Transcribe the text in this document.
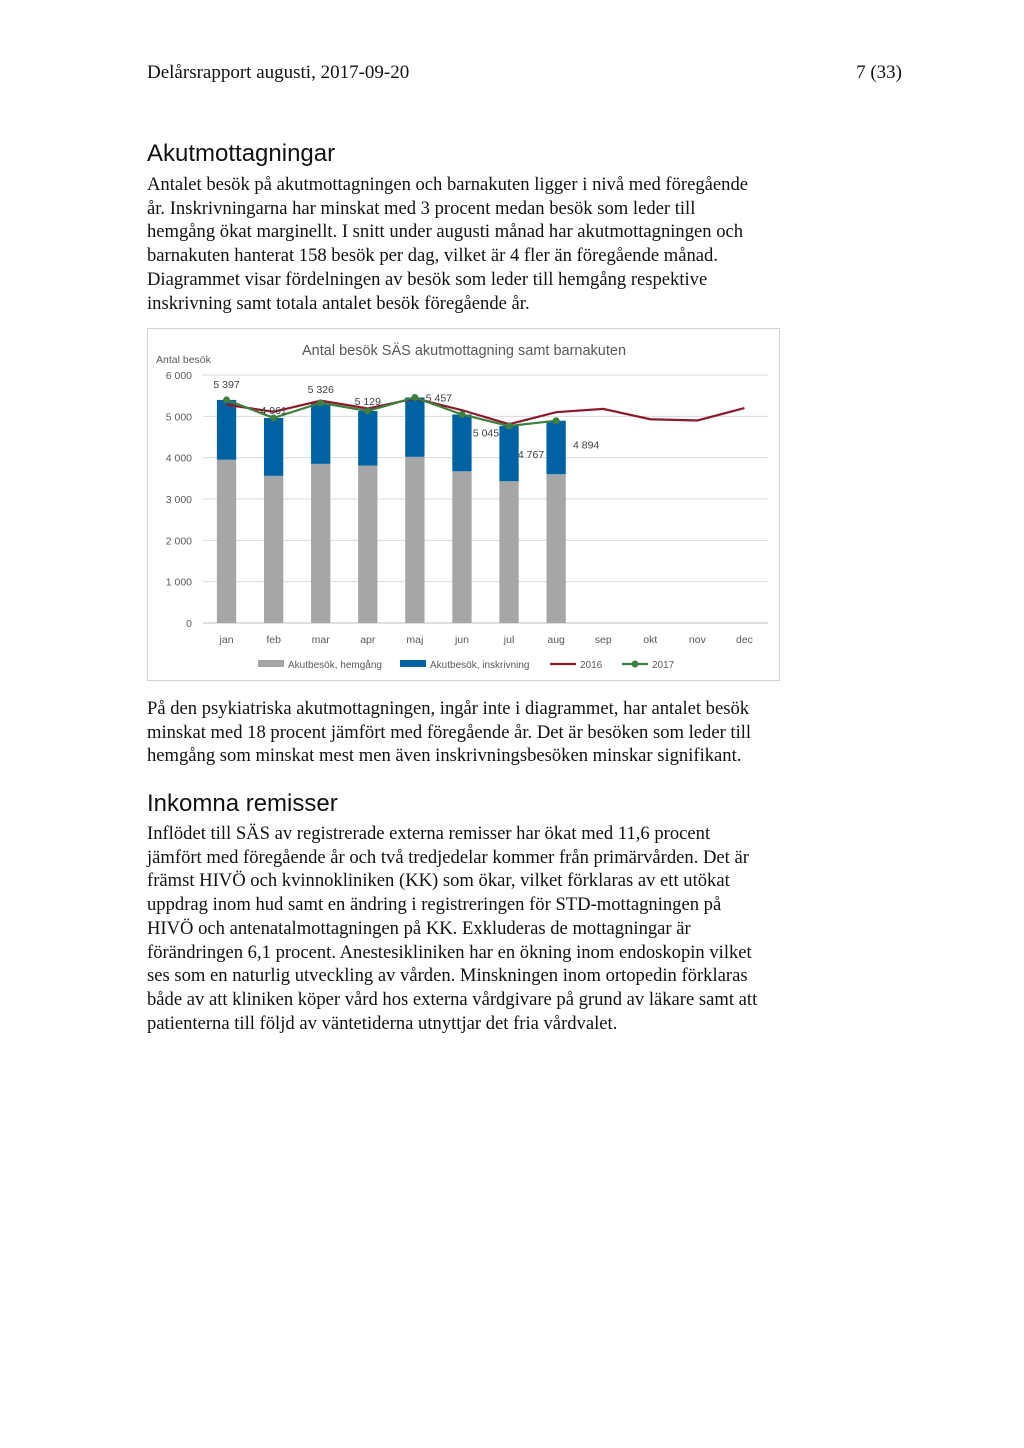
Delårsrapport augusti, 2017-09-20	7 (33)
Akutmottagningar
Antalet besök på akutmottagningen och barnakuten ligger i nivå med föregående
år. Inskrivningarna har minskat med 3 procent medan besök som leder till
hemgång ökat marginellt. I snitt under augusti månad har akutmottagningen och
barnakuten hanterat 158 besök per dag, vilket är 4 fler än föregående månad.
Diagrammet visar fördelningen av besök som leder till hemgång respektive
inskrivning samt totala antalet besök föregående år.
Antal besök SÄS akutmottagning samt barnakuten
Antal besök
0
1 000
2 000
3 000
4 000
5 000
6 000
jan	feb	mar	apr	maj	jun	jul	aug	sep	okt	nov	dec
5 397
4 961
5 326
5 129	5 457
5 045
4 767
4 894
Akutbesök, hemgång	Akutbesök, inskrivning	2016	2017
På den psykiatriska akutmottagningen, ingår inte i diagrammet, har antalet besök
minskat med 18 procent jämfört med föregående år. Det är besöken som leder till
hemgång som minskat mest men även inskrivningsbesöken minskar signifikant.
Inkomna remisser
Inflödet till SÄS av registrerade externa remisser har ökat med 11,6 procent
jämfört med föregående år och två tredjedelar kommer från primärvården. Det är
främst HIVÖ och kvinnokliniken (KK) som ökar, vilket förklaras av ett utökat
uppdrag inom hud samt en ändring i registreringen för STD-mottagningen på
HIVÖ och antenatalmottagningen på KK. Exkluderas de mottagningar är
förändringen 6,1 procent. Anestesikliniken har en ökning inom endoskopin vilket
ses som en naturlig utveckling av vården. Minskningen inom ortopedin förklaras
både av att kliniken köper vård hos externa vårdgivare på grund av läkare samt att
patienterna till följd av väntetiderna utnyttjar det fria vårdvalet.
